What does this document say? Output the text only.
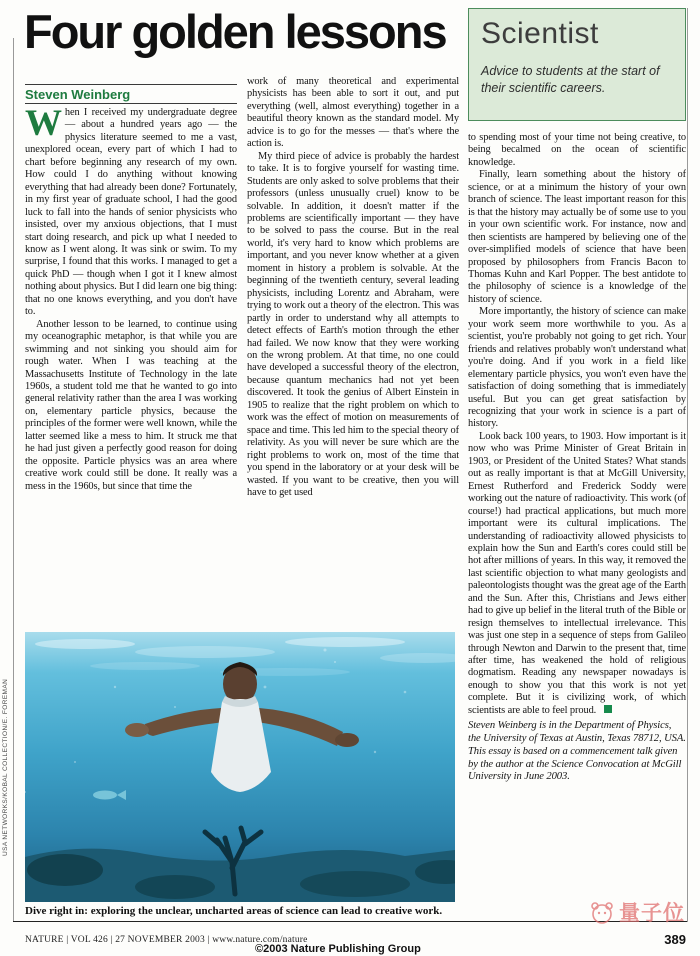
Four golden lessons	Scientist
Advice to students at the start of their scientific careers.
Steven Weinberg

When I received my undergraduate degree — about a hundred years ago — the physics literature seemed to me a vast, unexplored ocean, every part of which I had to chart before beginning any research of my own. How could I do anything without knowing everything that had already been done? Fortunately, in my first year of graduate school, I had the good luck to fall into the hands of senior physicists who insisted, over my anxious objections, that I must start doing research, and pick up what I needed to know as I went along. It was sink or swim. To my surprise, I found that this works. I managed to get a quick PhD — though when I got it I knew almost nothing about physics. But I did learn one big thing: that no one knows everything, and you don't have to.

Another lesson to be learned, to continue using my oceanographic metaphor, is that while you are swimming and not sinking you should aim for rough water. When I was teaching at the Massachusetts Institute of Technology in the late 1960s, a student told me that he wanted to go into general relativity rather than the area I was working on, elementary particle physics, because the principles of the former were well known, while the latter seemed like a mess to him. It struck me that he had just given a perfectly good reason for doing the opposite. Particle physics was an area where creative work could still be done. It really was a mess in the 1960s, but since that time the

work of many theoretical and experimental physicists has been able to sort it out, and put everything (well, almost everything) together in a beautiful theory known as the standard model. My advice is to go for the messes — that's where the action is.

My third piece of advice is probably the hardest to take. It is to forgive yourself for wasting time. Students are only asked to solve problems that their professors (unless unusually cruel) know to be solvable. In addition, it doesn't matter if the problems are scientifically important — they have to be solved to pass the course. But in the real world, it's very hard to know which problems are important, and you never know whether at a given moment in history a problem is solvable. At the beginning of the twentieth century, several leading physicists, including Lorentz and Abraham, were trying to work out a theory of the electron. This was partly in order to understand why all attempts to detect effects of Earth's motion through the ether had failed. We now know that they were working on the wrong problem. At that time, no one could have developed a successful theory of the electron, because quantum mechanics had not yet been discovered. It took the genius of Albert Einstein in 1905 to realize that the right problem on which to work was the effect of motion on measurements of space and time. This led him to the special theory of relativity. As you will never be sure which are the right problems to work on, most of the time that you spend in the laboratory or at your desk will be wasted. If you want to be creative, then you will have to get used

to spending most of your time not being creative, to being becalmed on the ocean of scientific knowledge.

Finally, learn something about the history of science, or at a minimum the history of your own branch of science. The least important reason for this is that the history may actually be of some use to you in your own scientific work. For instance, now and then scientists are hampered by believing one of the over-simplified models of science that have been proposed by philosophers from Francis Bacon to Thomas Kuhn and Karl Popper. The best antidote to the philosophy of science is a knowledge of the history of science.

More importantly, the history of science can make your work seem more worthwhile to you. As a scientist, you're probably not going to get rich. Your friends and relatives probably won't understand what you're doing. And if you work in a field like elementary particle physics, you won't even have the satisfaction of doing something that is immediately useful. But you can get great satisfaction by recognizing that your work in science is a part of history.

Look back 100 years, to 1903. How important is it now who was Prime Minister of Great Britain in 1903, or President of the United States? What stands out as really important is that at McGill University, Ernest Rutherford and Frederick Soddy were working out the nature of radioactivity. This work (of course!) had practical applications, but much more important were its cultural implications. The understanding of radioactivity allowed physicists to explain how the Sun and Earth's cores could still be hot after millions of years. In this way, it removed the last scientific objection to what many geologists and paleontologists thought was the great age of the Earth and the Sun. After this, Christians and Jews either had to give up belief in the literal truth of the Bible or resign themselves to intellectual irrelevance. This was just one step in a sequence of steps from Galileo through Newton and Darwin to the present that, time after time, has weakened the hold of religious dogmatism. Reading any newspaper nowadays is enough to show you that this work is not yet complete. But it is civilizing work, of which scientists are able to feel proud.

Steven Weinberg is in the Department of Physics, the University of Texas at Austin, Texas 78712, USA. This essay is based on a commencement talk given by the author at the Science Convocation at McGill University in June 2003.
USA NETWORKS/KOBAL COLLECTION/E. FOREMAN
Dive right in: exploring the unclear, uncharted areas of science can lead to creative work.
NATURE | VOL 426 | 27 NOVEMBER 2003 | www.nature.com/nature
©2003 Nature Publishing Group
389
量子位
